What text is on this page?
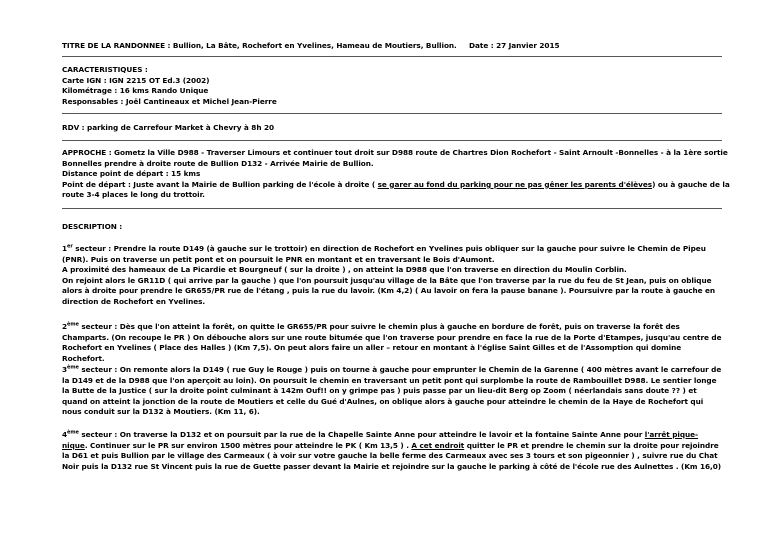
TITRE DE LA RANDONNEE : Bullion, La Bâte, Rochefort en Yvelines, Hameau de Moutiers, Bullion. Date : 27 Janvier 2015
CARACTERISTIQUES :
Carte IGN : IGN 2215 OT Ed.3 (2002)
Kilométrage : 16 kms Rando Unique
Responsables : Joël Cantineaux et Michel Jean-Pierre
RDV : parking de Carrefour Market à Chevry à 8h 20
APPROCHE : Gometz la Ville D988 - Traverser Limours et continuer tout droit sur D988 route de Chartres Dion Rochefort - Saint Arnoult -Bonnelles - à la 1ère sortie
Bonnelles prendre à droite route de Bullion D132 - Arrivée Mairie de Bullion.
Distance point de départ : 15 kms
Point de départ : Juste avant la Mairie de Bullion parking de l'école à droite ( se garer au fond du parking pour ne pas gêner les parents d'élèves) ou à gauche de la
route 3-4 places le long du trottoir.
DESCRIPTION :
1er secteur : Prendre la route D149 (à gauche sur le trottoir) en direction de Rochefort en Yvelines puis obliquer sur la gauche pour suivre le Chemin de Pipeu (PNR). Puis on traverse un petit pont et on poursuit le PNR en montant et en traversant le Bois d'Aumont.
A proximité des hameaux de La Picardie et Bourgneuf ( sur la droite ) , on atteint la D988 que l'on traverse en direction du Moulin Corblin.
On rejoint alors le GR11D ( qui arrive par la gauche ) que l'on poursuit jusqu'au village de la Bâte que l'on traverse par la rue du feu de St Jean, puis on oblique alors à droite pour prendre le GR655/PR rue de l'étang , puis la rue du lavoir. (Km 4,2) ( Au lavoir on fera la pause banane ). Poursuivre par la route à gauche en direction de Rochefort en Yvelines.
2ème secteur : Dès que l'on atteint la forêt, on quitte le GR655/PR pour suivre le chemin plus à gauche en bordure de forêt, puis on traverse la forêt des Champarts. (On recoupe le PR ) On débouche alors sur une route bitumée que l'on traverse pour prendre en face la rue de la Porte d'Etampes, jusqu'au centre de Rochefort en Yvelines ( Place des Halles ) (Km 7,5). On peut alors faire un aller – retour en montant à l'église Saint Gilles et de l'Assomption qui domine Rochefort.
3ème secteur : On remonte alors la D149 ( rue Guy le Rouge ) puis on tourne à gauche pour emprunter le Chemin de la Garenne ( 400 mètres avant le carrefour de la D149 et de la D988 que l'on aperçoit au loin). On poursuit le chemin en traversant un petit pont qui surplombe la route de Rambouillet D988. Le sentier longe la Butte de la Justice ( sur la droite point culminant à 142m Ouf!! on y grimpe pas ) puis passe par un lieu-dit Berg op Zoom ( néerlandais sans doute ?? ) et quand on atteint la jonction de la route de Moutiers et celle du Gué d'Aulnes, on oblique alors à gauche pour atteindre le chemin de la Haye de Rochefort qui nous conduit sur la D132 à Moutiers. (Km 11, 6).
4ème secteur : On traverse la D132 et on poursuit par la rue de la Chapelle Sainte Anne pour atteindre le lavoir et la fontaine Sainte Anne pour l'arrêt pique-nique. Continuer sur le PR sur environ 1500 mètres pour atteindre le PK ( Km 13,5 ) . A cet endroit quitter le PR et prendre le chemin sur la droite pour rejoindre la D61 et puis Bullion par le village des Carmeaux ( à voir sur votre gauche la belle ferme des Carmeaux avec ses 3 tours et son pigeonnier ) , suivre rue du Chat Noir puis la D132 rue St Vincent puis la rue de Guette passer devant la Mairie et rejoindre sur la gauche le parking à côté de l'école rue des Aulnettes . (Km 16,0)
